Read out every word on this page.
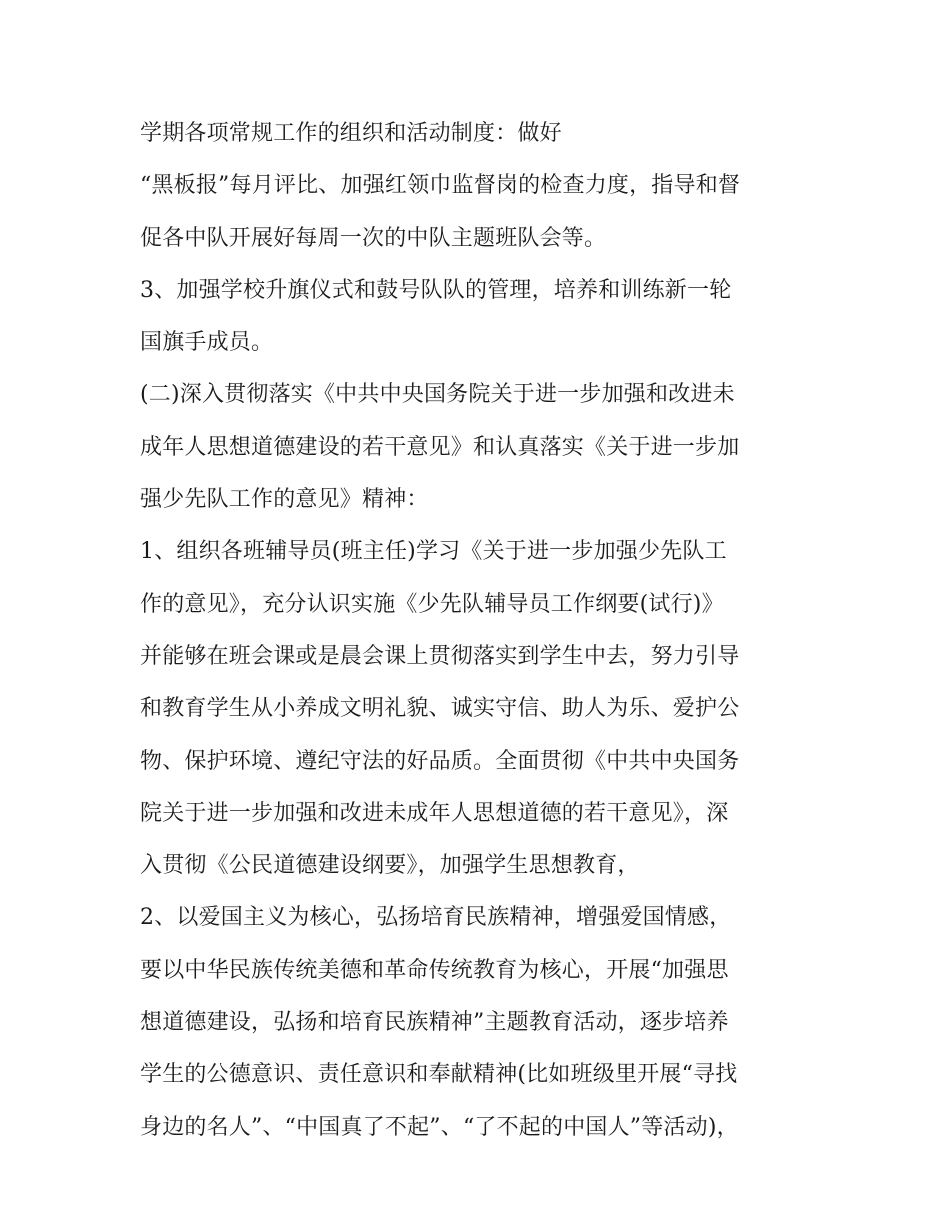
学期各项常规工作的组织和活动制度：做好
“黑板报”每月评比、加强红领巾监督岗的检查力度，指导和督
促各中队开展好每周一次的中队主题班队会等。
3、加强学校升旗仪式和鼓号队队的管理，培养和训练新一轮
国旗手成员。
(二)深入贯彻落实《中共中央国务院关于进一步加强和改进未
成年人思想道德建设的若干意见》和认真落实《关于进一步加
强少先队工作的意见》精神：
1、组织各班辅导员(班主任)学习《关于进一步加强少先队工
作的意见》，充分认识实施《少先队辅导员工作纲要(试行)》
并能够在班会课或是晨会课上贯彻落实到学生中去，努力引导
和教育学生从小养成文明礼貌、诚实守信、助人为乐、爱护公
物、保护环境、遵纪守法的好品质。全面贯彻《中共中央国务
院关于进一步加强和改进未成年人思想道德的若干意见》，深
入贯彻《公民道德建设纲要》，加强学生思想教育，
2、以爱国主义为核心，弘扬培育民族精神，增强爱国情感，
要以中华民族传统美德和革命传统教育为核心，开展“加强思
想道德建设，弘扬和培育民族精神”主题教育活动，逐步培养
学生的公德意识、责任意识和奉献精神(比如班级里开展“寻找
身边的名人”、“中国真了不起”、“了不起的中国人”等活动)，
